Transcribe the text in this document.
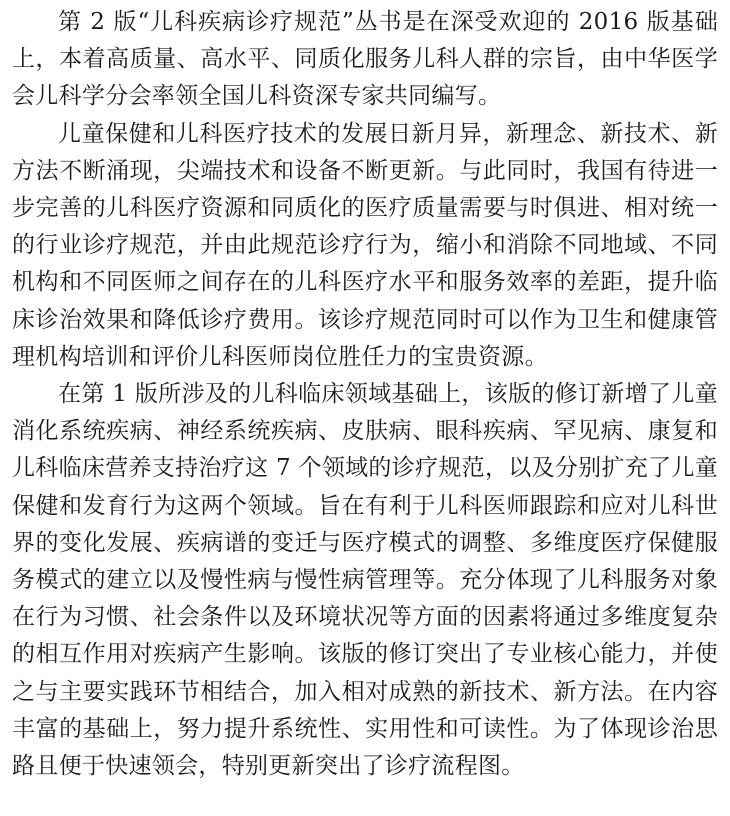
第 2 版“儿科疾病诊疗规范”丛书是在深受欢迎的 2016 版基础上，本着高质量、高水平、同质化服务儿科人群的宗旨，由中华医学会儿科学分会率领全国儿科资深专家共同编写。

儿童保健和儿科医疗技术的发展日新月异，新理念、新技术、新方法不断涌现，尖端技术和设备不断更新。与此同时，我国有待进一步完善的儿科医疗资源和同质化的医疗质量需要与时俱进、相对统一的行业诊疗规范，并由此规范诊疗行为，缩小和消除不同地域、不同机构和不同医师之间存在的儿科医疗水平和服务效率的差距，提升临床诊治效果和降低诊疗费用。该诊疗规范同时可以作为卫生和健康管理机构培训和评价儿科医师岗位胜任力的宝贵资源。

在第 1 版所涉及的儿科临床领域基础上，该版的修订新增了儿童消化系统疾病、神经系统疾病、皮肤病、眼科疾病、罕见病、康复和儿科临床营养支持治疗这 7 个领域的诊疗规范，以及分别扩充了儿童保健和发育行为这两个领域。旨在有利于儿科医师跟踪和应对儿科世界的变化发展、疾病谱的变迁与医疗模式的调整、多维度医疗保健服务模式的建立以及慢性病与慢性病管理等。充分体现了儿科服务对象在行为习惯、社会条件以及环境状况等方面的因素将通过多维度复杂的相互作用对疾病产生影响。该版的修订突出了专业核心能力，并使之与主要实践环节相结合，加入相对成熟的新技术、新方法。在内容丰富的基础上，努力提升系统性、实用性和可读性。为了体现诊治思路且便于快速领会，特别更新突出了诊疗流程图。
